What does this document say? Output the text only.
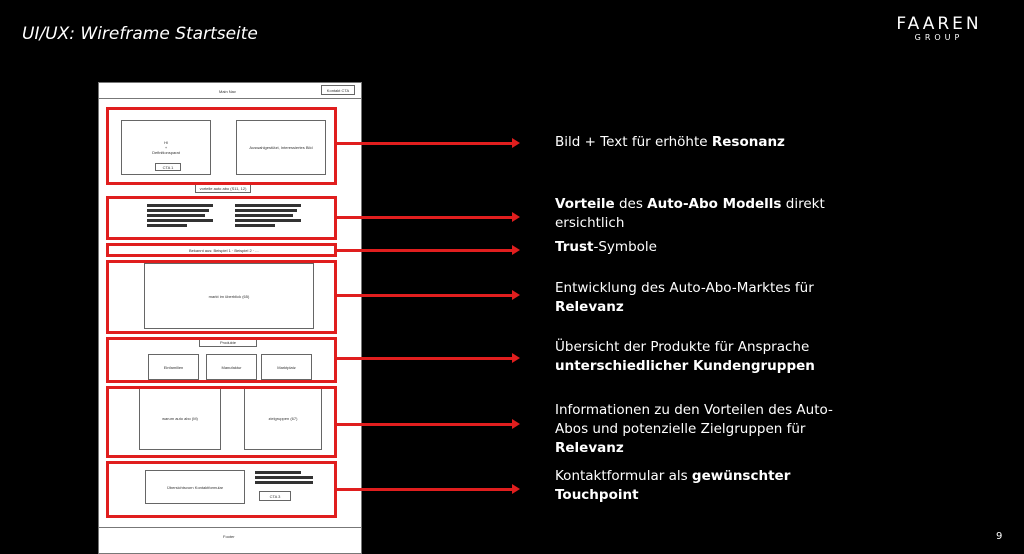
UI/UX: Wireframe Startseite	FAAREN
GROUP
9
Main Nav	Kontakt CTA
Hl
+
Definitionsparat
CTA 1
Auswahlgestützt, Interessiertes Bild
vorteile auto abo (S11, 12)
Bekannt aus: Beispiel 1 · Beispiel 2 · ...
markt im überblick (65)
Produkte
Einfamilien	Manufaktur	Marktplatz
warum auto abo (M)	zielgruppen (67)
Übersichtsvorn Kontaktformular
CTA 3
Footer
Bild + Text für erhöhte Resonanz
Vorteile des Auto-Abo Modells direkt ersichtlich
Trust-Symbole
Entwicklung des Auto-Abo-Marktes für Relevanz
Übersicht der Produkte für Ansprache unterschiedlicher Kundengruppen
Informationen zu den Vorteilen des Auto-Abos und potenzielle Zielgruppen für Relevanz
Kontaktformular als gewünschter Touchpoint
